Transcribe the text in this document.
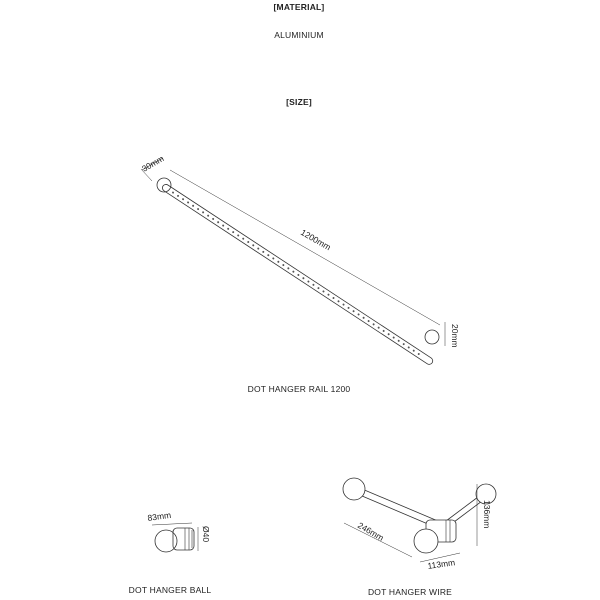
[MATERIAL]
ALUMINIUM
[SIZE]
30mm
1200mm
20mm
83mm
Ø40	246mm
113mm
136mm
DOT HANGER RAIL 1200
DOT HANGER BALL	DOT HANGER WIRE
